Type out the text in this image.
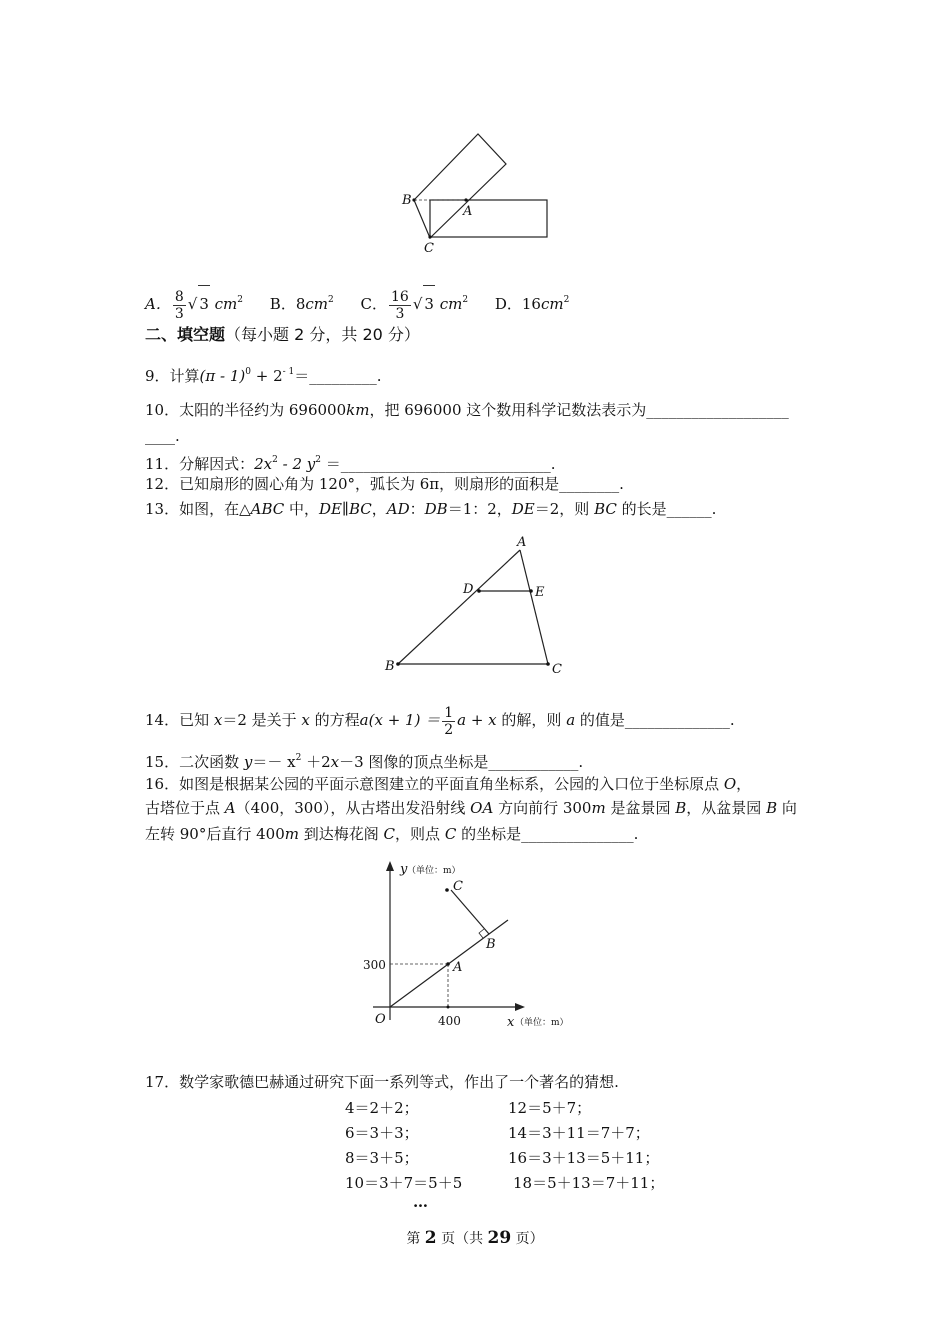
B
A
C
A． $\frac{8}{3}$ √ 3 $cm^2$ B．$8cm^2$ C． $\frac{16}{3}$ √ 3 $cm^2$ D．$16cm^2$
二、填空题（每小题 2 分，共 20 分）
9．计算$(\pi - 1)^0 + 2^{- 1}=\_\_\_\_\_\_\_\_\_$.
10．太阳的半径约为 696000km，把 696000 这个数用科学记数法表示为___________________
____.
11．分解因式：$2x^2 - 2$ $y^2$ ＝____________________________.
12．已知扇形的圆心角为 120°，弧长为 6π，则扇形的面积是________.
13．如图，在△ABC 中，DE∥BC，AD：DB＝1：2，DE＝2，则 BC 的长是______.
A
D	E
B	C
14．已知 x＝2 是关于 x 的方程$a(x + 1) = \frac{1}{2}$ a + x 的解，则 a 的值是______________.
15．二次函数 $y=- x^2 +2x-3$ 图像的顶点坐标是____________.
16．如图是根据某公园的平面示意图建立的平面直角坐标系，公园的入口位于坐标原点 O，
古塔位于点 A（400，300），从古塔出发沿射线 OA 方向前行 300m 是盆景园 B，从盆景园 B 向
左转 90°后直行 400m 到达梅花阁 C，则点 C 的坐标是_______________.
y （单位：m）
x （单位：m）
O
300
400
A
B
C
17．数学家歌德巴赫通过研究下面一系列等式，作出了一个著名的猜想.
4＝2＋2；
6＝3＋3；
8＝3＋5；
10＝3＋7＝5＋5
12＝5＋7；
14＝3＋11＝7＋7；
16＝3＋13＝5＋11；
18＝5＋13＝7＋11；
…
第 2 页（共 29 页）
